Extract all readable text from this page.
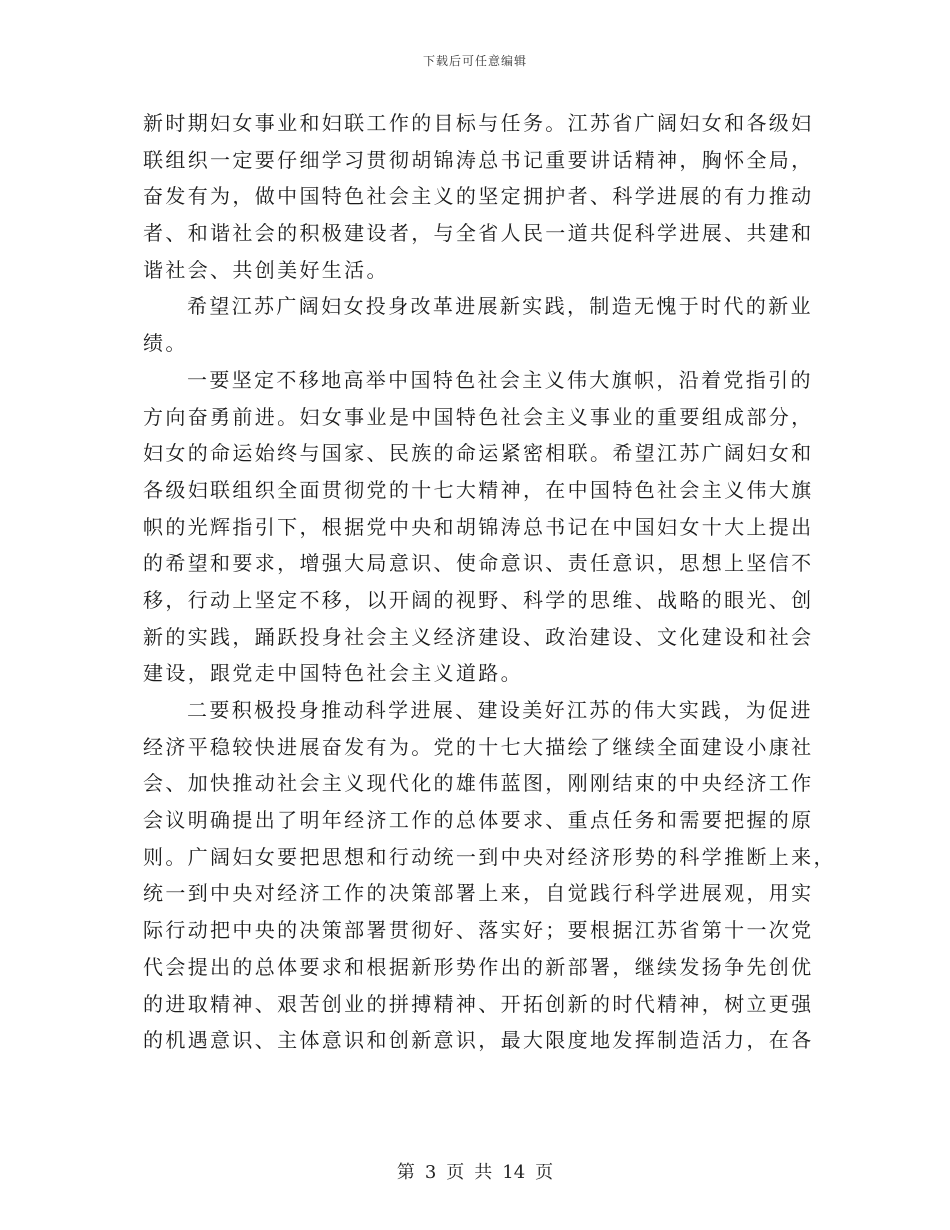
下载后可任意编辑
新时期妇女事业和妇联工作的目标与任务。江苏省广阔妇女和各级妇
联组织一定要仔细学习贯彻胡锦涛总书记重要讲话精神，胸怀全局，
奋发有为，做中国特色社会主义的坚定拥护者、科学进展的有力推动
者、和谐社会的积极建设者，与全省人民一道共促科学进展、共建和
谐社会、共创美好生活。
希望江苏广阔妇女投身改革进展新实践，制造无愧于时代的新业
绩。
一要坚定不移地高举中国特色社会主义伟大旗帜，沿着党指引的
方向奋勇前进。妇女事业是中国特色社会主义事业的重要组成部分，
妇女的命运始终与国家、民族的命运紧密相联。希望江苏广阔妇女和
各级妇联组织全面贯彻党的十七大精神，在中国特色社会主义伟大旗
帜的光辉指引下，根据党中央和胡锦涛总书记在中国妇女十大上提出
的希望和要求，增强大局意识、使命意识、责任意识，思想上坚信不
移，行动上坚定不移，以开阔的视野、科学的思维、战略的眼光、创
新的实践，踊跃投身社会主义经济建设、政治建设、文化建设和社会
建设，跟党走中国特色社会主义道路。
二要积极投身推动科学进展、建设美好江苏的伟大实践，为促进
经济平稳较快进展奋发有为。党的十七大描绘了继续全面建设小康社
会、加快推动社会主义现代化的雄伟蓝图，刚刚结束的中央经济工作
会议明确提出了明年经济工作的总体要求、重点任务和需要把握的原
则。广阔妇女要把思想和行动统一到中央对经济形势的科学推断上来，
统一到中央对经济工作的决策部署上来，自觉践行科学进展观，用实
际行动把中央的决策部署贯彻好、落实好；要根据江苏省第十一次党
代会提出的总体要求和根据新形势作出的新部署，继续发扬争先创优
的进取精神、艰苦创业的拼搏精神、开拓创新的时代精神，树立更强
的机遇意识、主体意识和创新意识，最大限度地发挥制造活力，在各
第 3 页 共 14 页
